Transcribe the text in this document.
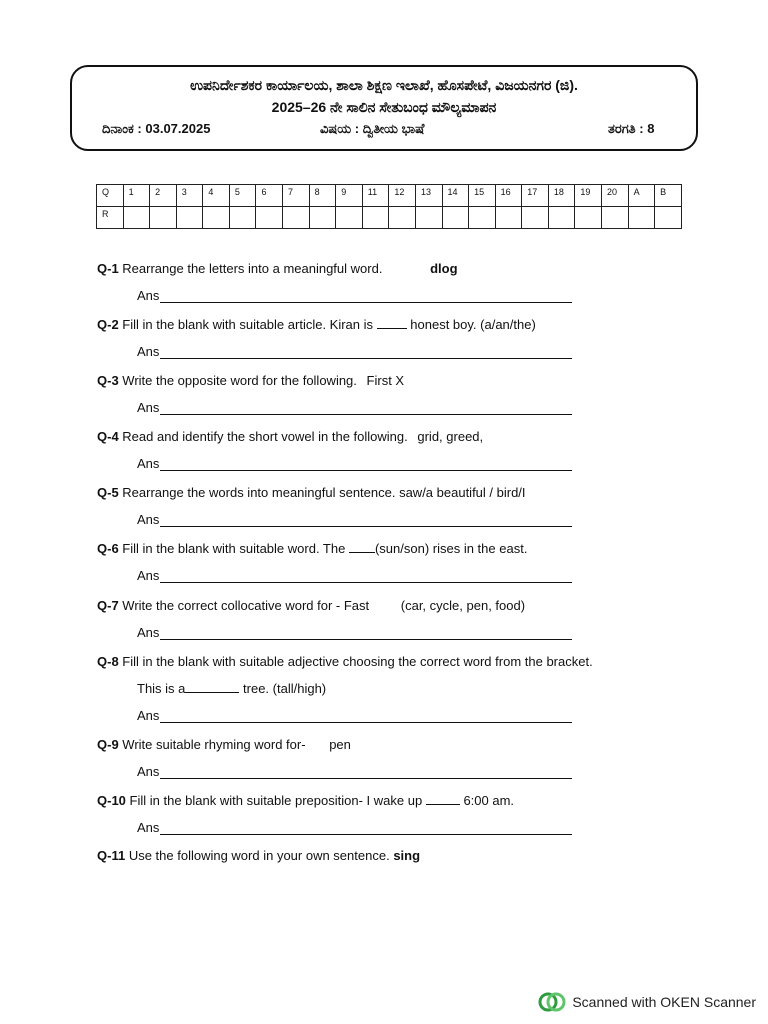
ಉಪನಿರ್ದೇಶಕರ ಕಾರ್ಯಾಲಯ, ಶಾಲಾ ಶಿಕ್ಷಣ ಇಲಾಖೆ, ಹೊಸಪೇಟೆ, ವಿಜಯನಗರ (ಜಿ).
2025–26 ನೇ ಸಾಲಿನ ಸೇತುಬಂಧ ಮೌಲ್ಯಮಾಪನ
ದಿನಾಂಕ : 03.07.2025	ವಿಷಯ : ದ್ವಿತೀಯ ಭಾಷೆ	ತರಗತಿ : 8
Q	1	2	3	4	5	6	7	8	9	11	12	13	14	15	16	17	18	19	20	A	B
R																					
Q-1 Rearrange the letters into a meaningful word.	dlog
Ans
Q-2 Fill in the blank with suitable article. Kiran is	honest boy. (a/an/the)
Ans
Q-3 Write the opposite word for the following. First X
Ans
Q-4 Read and identify the short vowel in the following. grid, greed,
Ans
Q-5 Rearrange the words into meaningful sentence. saw/a beautiful / bird/I
Ans
Q-6 Fill in the blank with suitable word. The (sun/son) rises in the east.
Ans
Q-7 Write the correct collocative word for - Fast (car, cycle, pen, food)
Ans
Q-8 Fill in the blank with suitable adjective choosing the correct word from the bracket.
This is a	tree. (tall/high)
Ans
Q-9 Write suitable rhyming word for- pen
Ans
Q-10 Fill in the blank with suitable preposition- I wake up	6:00 am.
Ans
Q-11 Use the following word in your own sentence. sing
Scanned with OKEN Scanner
